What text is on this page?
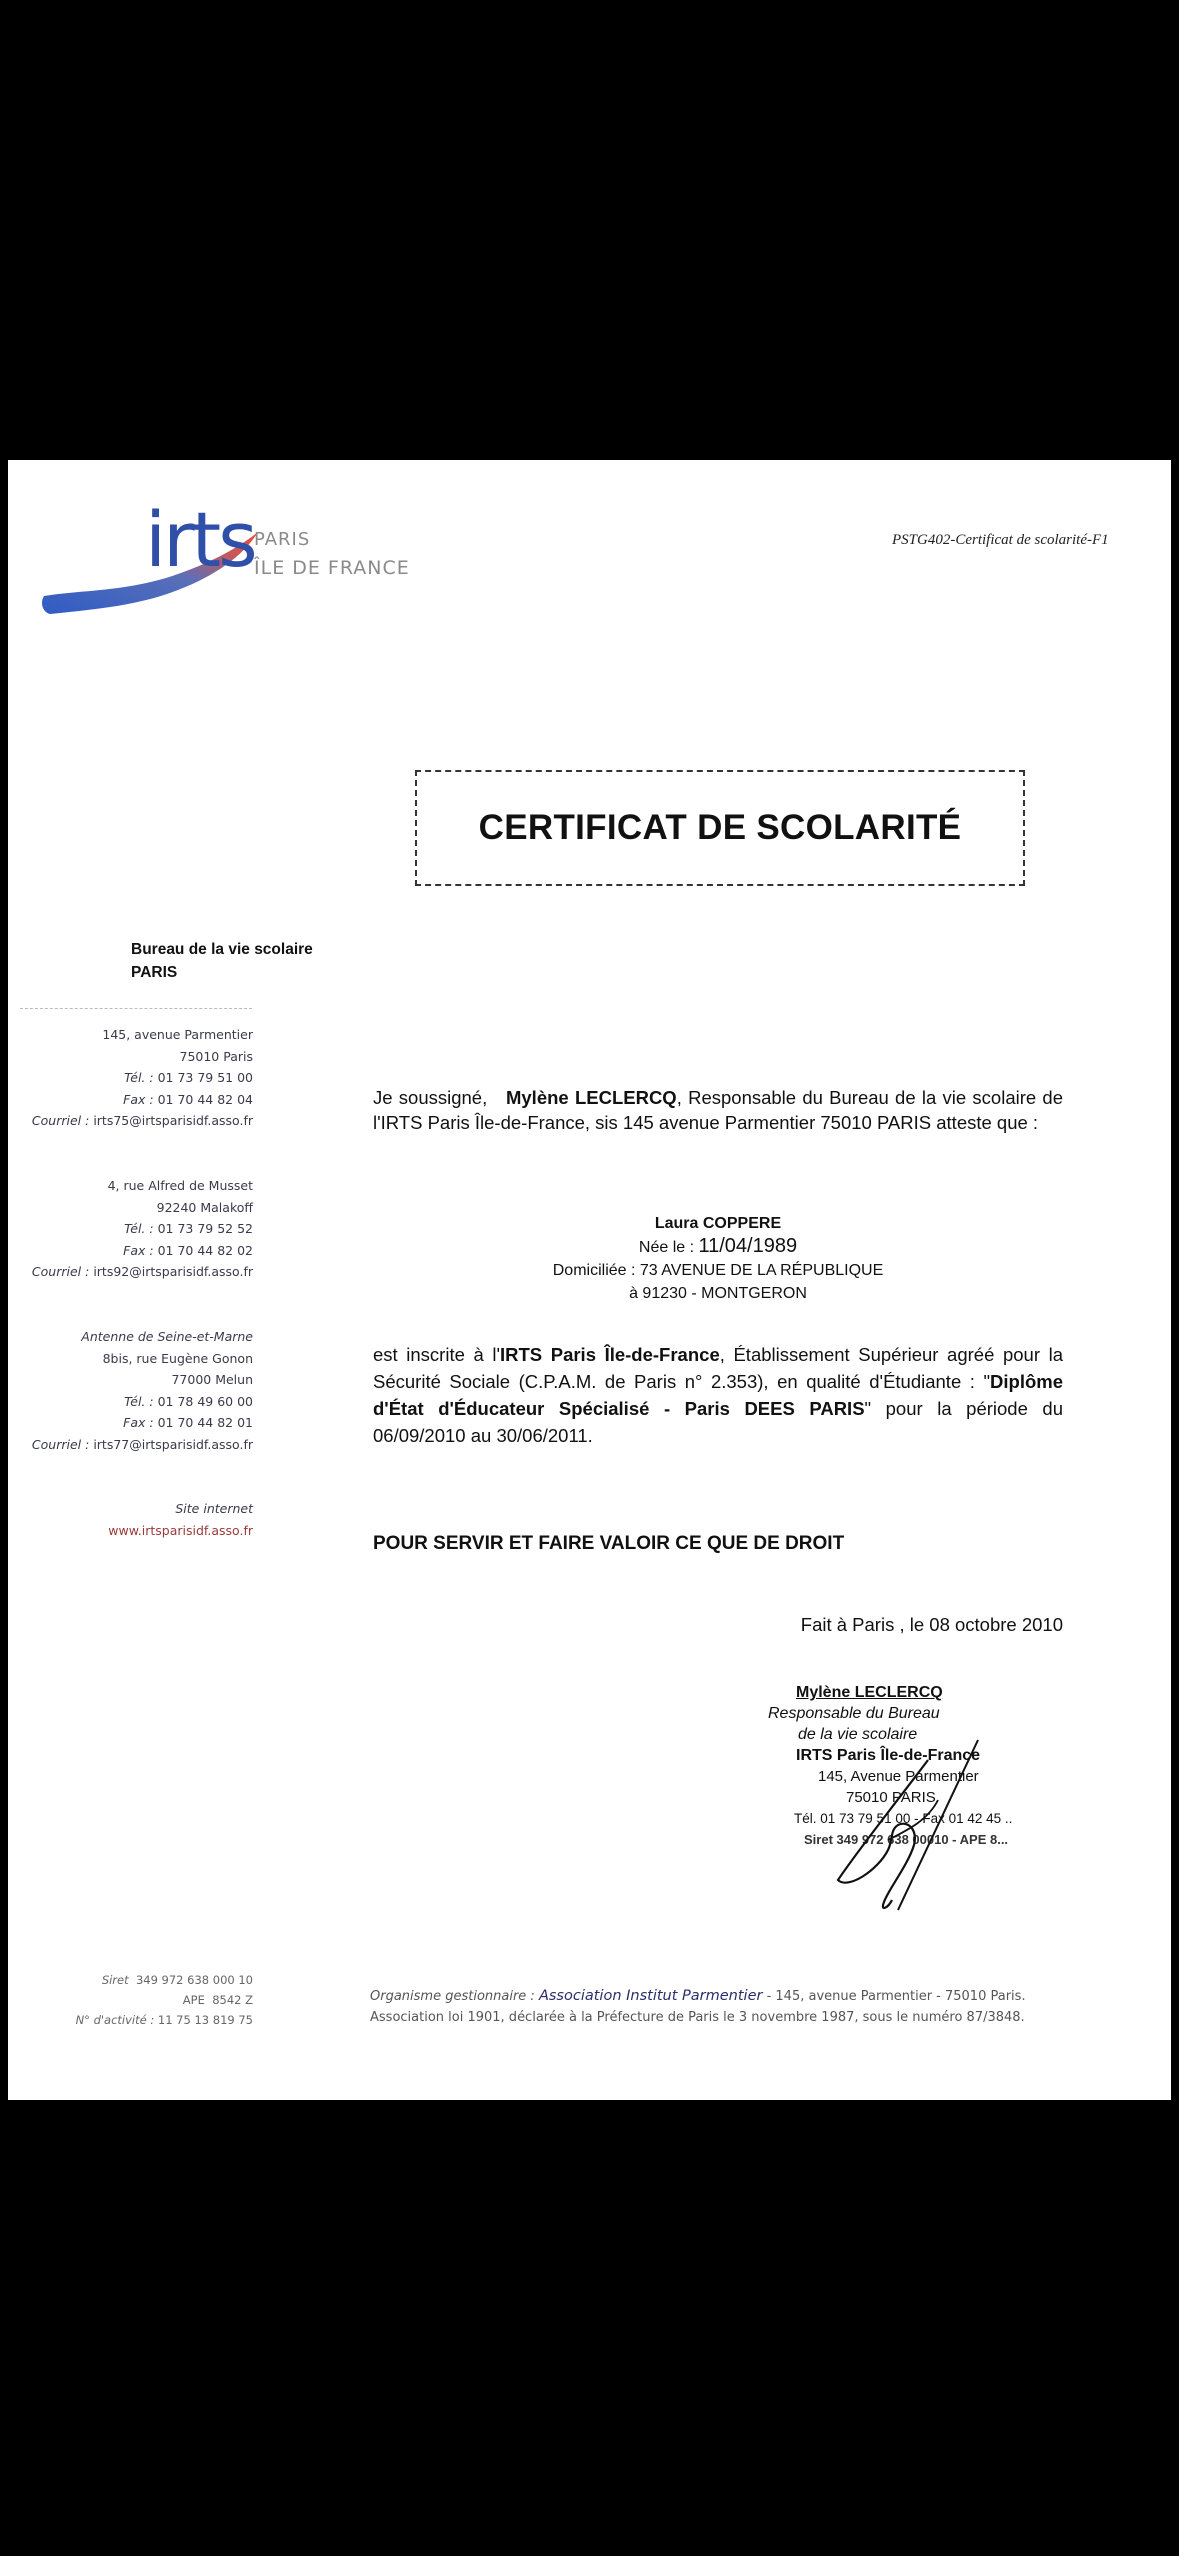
irts PARIS
ÎLE DE FRANCE
PSTG402-Certificat de scolarité-F1
CERTIFICAT DE SCOLARITÉ
Bureau de la vie scolaire
PARIS
145, avenue Parmentier
75010 Paris
Tél. : 01 73 79 51 00
Fax : 01 70 44 82 04
Courriel : irts75@irtsparisidf.asso.fr
4, rue Alfred de Musset
92240 Malakoff
Tél. : 01 73 79 52 52
Fax : 01 70 44 82 02
Courriel : irts92@irtsparisidf.asso.fr
Antenne de Seine-et-Marne
8bis, rue Eugène Gonon
77000 Melun
Tél. : 01 78 49 60 00
Fax : 01 70 44 82 01
Courriel : irts77@irtsparisidf.asso.fr
Site internet
www.irtsparisidf.asso.fr
Je soussigné, Mylène LECLERCQ, Responsable du Bureau de la vie scolaire de l'IRTS Paris Île-de-France, sis 145 avenue Parmentier 75010 PARIS atteste que :
Laura COPPERE
Née le : 11/04/1989
Domiciliée : 73 AVENUE DE LA RÉPUBLIQUE
à 91230 - MONTGERON
est inscrite à l'IRTS Paris Île-de-France, Établissement Supérieur agréé pour la Sécurité Sociale (C.P.A.M. de Paris n° 2.353), en qualité d'Étudiante : "Diplôme d'État d'Éducateur Spécialisé - Paris DEES PARIS" pour la période du 06/09/2010 au 30/06/2011.
POUR SERVIR ET FAIRE VALOIR CE QUE DE DROIT
Fait à Paris , le 08 octobre 2010
Mylène LECLERCQ
Responsable du Bureau
de la vie scolaire
IRTS Paris Île-de-France
145, Avenue Parmentier
75010 PARIS
Tél. 01 73 79 51 00 - Fax 01 42 45 ..
Siret 349 972 638 00010 - APE 8...
Siret 349 972 638 000 10
APE 8542 Z
N° d'activité : 11 75 13 819 75
Organisme gestionnaire : Association Institut Parmentier - 145, avenue Parmentier - 75010 Paris.
Association loi 1901, déclarée à la Préfecture de Paris le 3 novembre 1987, sous le numéro 87/3848.
